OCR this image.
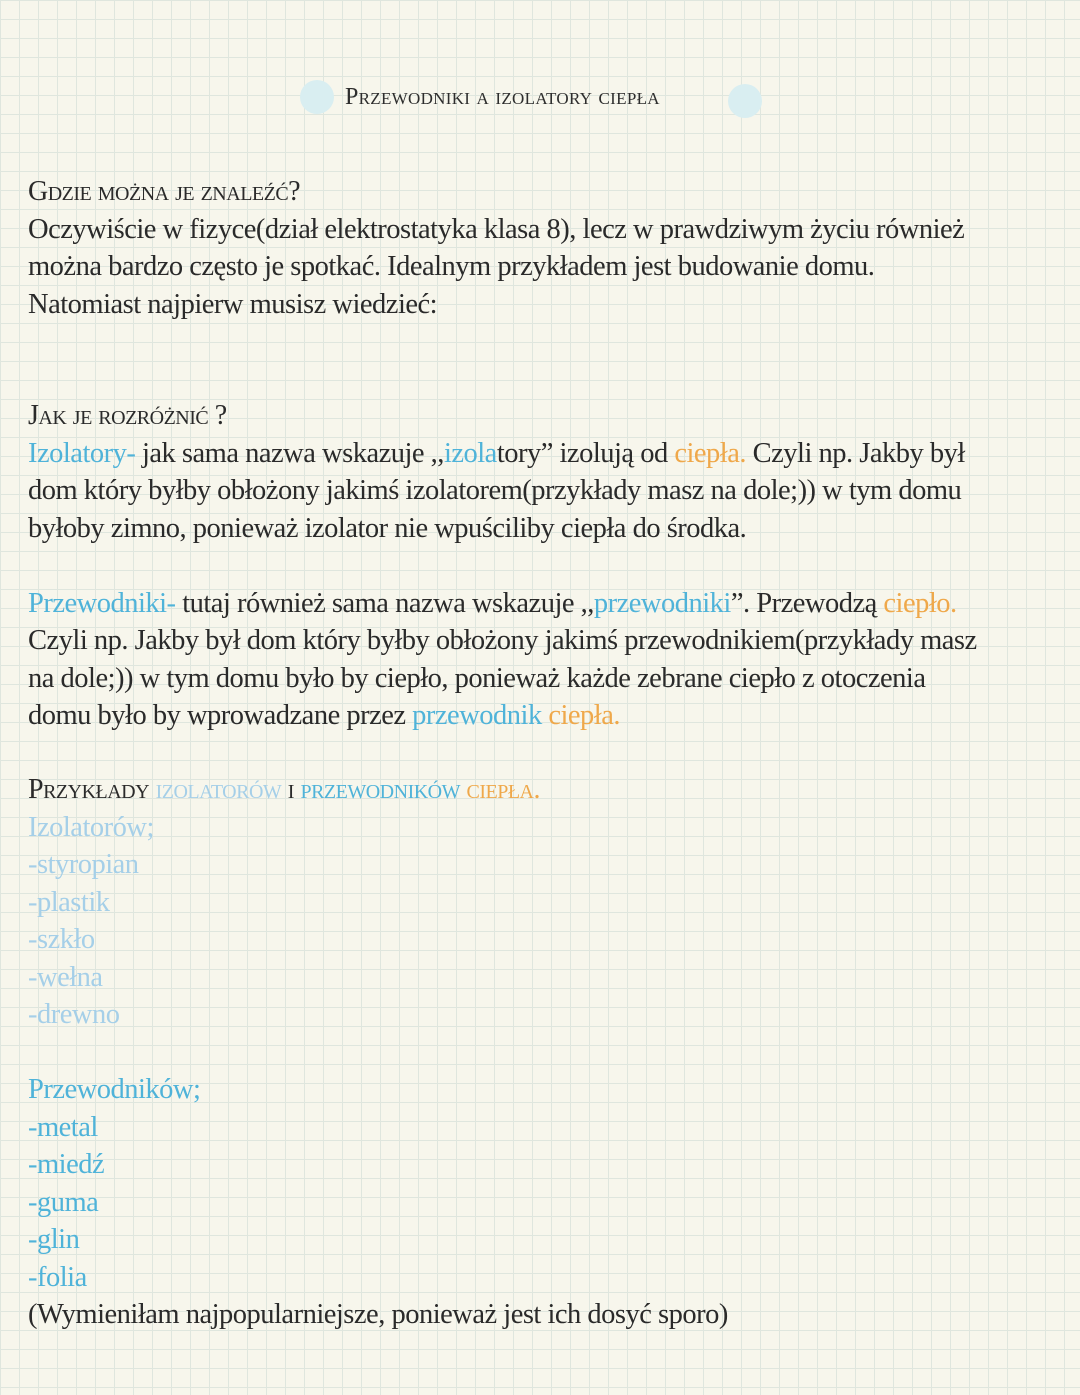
Przewodniki a izolatory ciepła

Gdzie można je znaleźć?

Oczywiście w fizyce(dział elektrostatyka klasa 8), lecz w prawdziwym życiu również

można bardzo często je spotkać. Idealnym przykładem jest budowanie domu.

Natomiast najpierw musisz wiedzieć:

Jak je rozróżnić ?

Izolatory- jak sama nazwa wskazuje ,,izolatory” izolują od ciepła. Czyli np. Jakby był

dom który byłby obłożony jakimś izolatorem(przykłady masz na dole;)) w tym domu

byłoby zimno, ponieważ izolator nie wpuściliby ciepła do środka.

Przewodniki- tutaj również sama nazwa wskazuje ,,przewodniki”. Przewodzą ciepło.

Czyli np. Jakby był dom który byłby obłożony jakimś przewodnikiem(przykłady masz

na dole;)) w tym domu było by ciepło, ponieważ każde zebrane ciepło z otoczenia

domu było by wprowadzane przez przewodnik ciepła.

Przykłady izolatorów i przewodników ciepła.

Izolatorów;

-styropian
-plastik
-szkło
-wełna
-drewno

Przewodników;

-metal
-miedź
-guma
-glin
-folia

(Wymieniłam najpopularniejsze, ponieważ jest ich dosyć sporo)
